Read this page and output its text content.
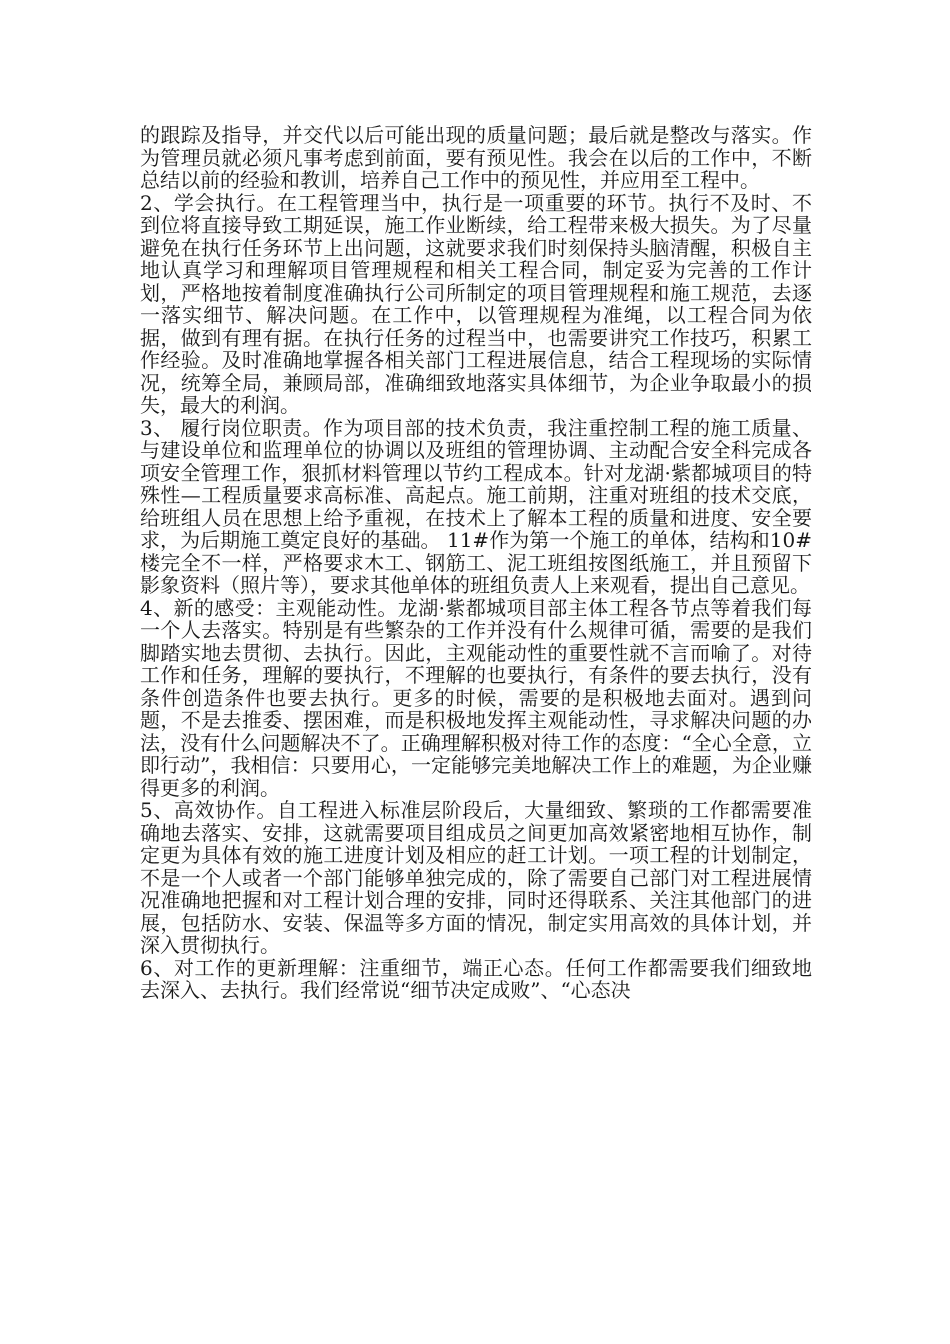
的跟踪及指导，并交代以后可能出现的质量问题；最后就是整改与落实。作为管理员就必须凡事考虑到前面，要有预见性。我会在以后的工作中，不断总结以前的经验和教训，培养自己工作中的预见性，并应用至工程中。

2、学会执行。在工程管理当中，执行是一项重要的环节。执行不及时、不到位将直接导致工期延误，施工作业断续，给工程带来极大损失。为了尽量避免在执行任务环节上出问题，这就要求我们时刻保持头脑清醒，积极自主地认真学习和理解项目管理规程和相关工程合同，制定妥为完善的工作计划，严格地按着制度准确执行公司所制定的项目管理规程和施工规范，去逐一落实细节、解决问题。在工作中，以管理规程为准绳，以工程合同为依据，做到有理有据。在执行任务的过程当中，也需要讲究工作技巧，积累工作经验。及时准确地掌握各相关部门工程进展信息，结合工程现场的实际情况，统筹全局，兼顾局部，准确细致地落实具体细节，为企业争取最小的损失，最大的利润。

3、 履行岗位职责。作为项目部的技术负责，我注重控制工程的施工质量、与建设单位和监理单位的协调以及班组的管理协调、主动配合安全科完成各项安全管理工作，狠抓材料管理以节约工程成本。针对龙湖·紫都城项目的特殊性—工程质量要求高标准、高起点。施工前期，注重对班组的技术交底，给班组人员在思想上给予重视，在技术上了解本工程的质量和进度、安全要求，为后期施工奠定良好的基础。 11#作为第一个施工的单体，结构和10#楼完全不一样，严格要求木工、钢筋工、泥工班组按图纸施工，并且预留下影象资料（照片等），要求其他单体的班组负责人上来观看，提出自己意见。

4、新的感受：主观能动性。龙湖·紫都城项目部主体工程各节点等着我们每一个人去落实。特别是有些繁杂的工作并没有什么规律可循，需要的是我们脚踏实地去贯彻、去执行。因此，主观能动性的重要性就不言而喻了。对待工作和任务，理解的要执行，不理解的也要执行，有条件的要去执行，没有条件创造条件也要去执行。更多的时候，需要的是积极地去面对。遇到问题，不是去推委、摆困难，而是积极地发挥主观能动性，寻求解决问题的办法，没有什么问题解决不了。正确理解积极对待工作的态度：“全心全意，立即行动”，我相信：只要用心，一定能够完美地解决工作上的难题，为企业赚得更多的利润。

5、高效协作。自工程进入标准层阶段后，大量细致、繁琐的工作都需要准确地去落实、安排，这就需要项目组成员之间更加高效紧密地相互协作，制定更为具体有效的施工进度计划及相应的赶工计划。一项工程的计划制定，不是一个人或者一个部门能够单独完成的，除了需要自己部门对工程进展情况准确地把握和对工程计划合理的安排，同时还得联系、关注其他部门的进展，包括防水、安装、保温等多方面的情况，制定实用高效的具体计划，并深入贯彻执行。

6、对工作的更新理解：注重细节，端正心态。任何工作都需要我们细致地去深入、去执行。我们经常说“细节决定成败”、“心态决
